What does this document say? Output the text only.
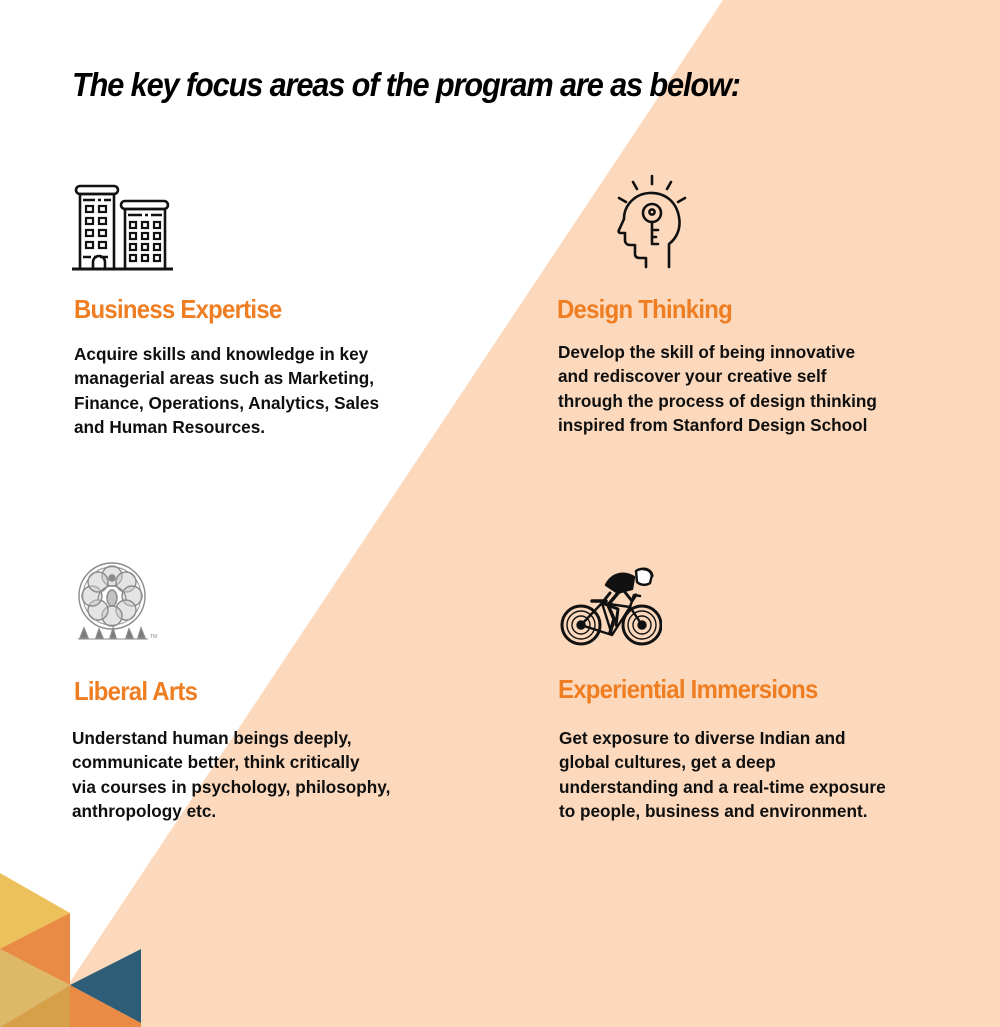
The key focus areas of the program are as below:
Business Expertise

Acquire skills and knowledge in key
managerial areas such as Marketing,
Finance, Operations, Analytics, Sales
and Human Resources.

Design Thinking

Develop the skill of being innovative
and rediscover your creative self
through the process of design thinking
inspired from Stanford Design School

TM
Liberal Arts

Understand human beings deeply,
communicate better, think critically
via courses in psychology, philosophy,
anthropology etc.

Experiential Immersions

Get exposure to diverse Indian and
global cultures, get a deep
understanding and a real-time exposure
to people, business and environment.
